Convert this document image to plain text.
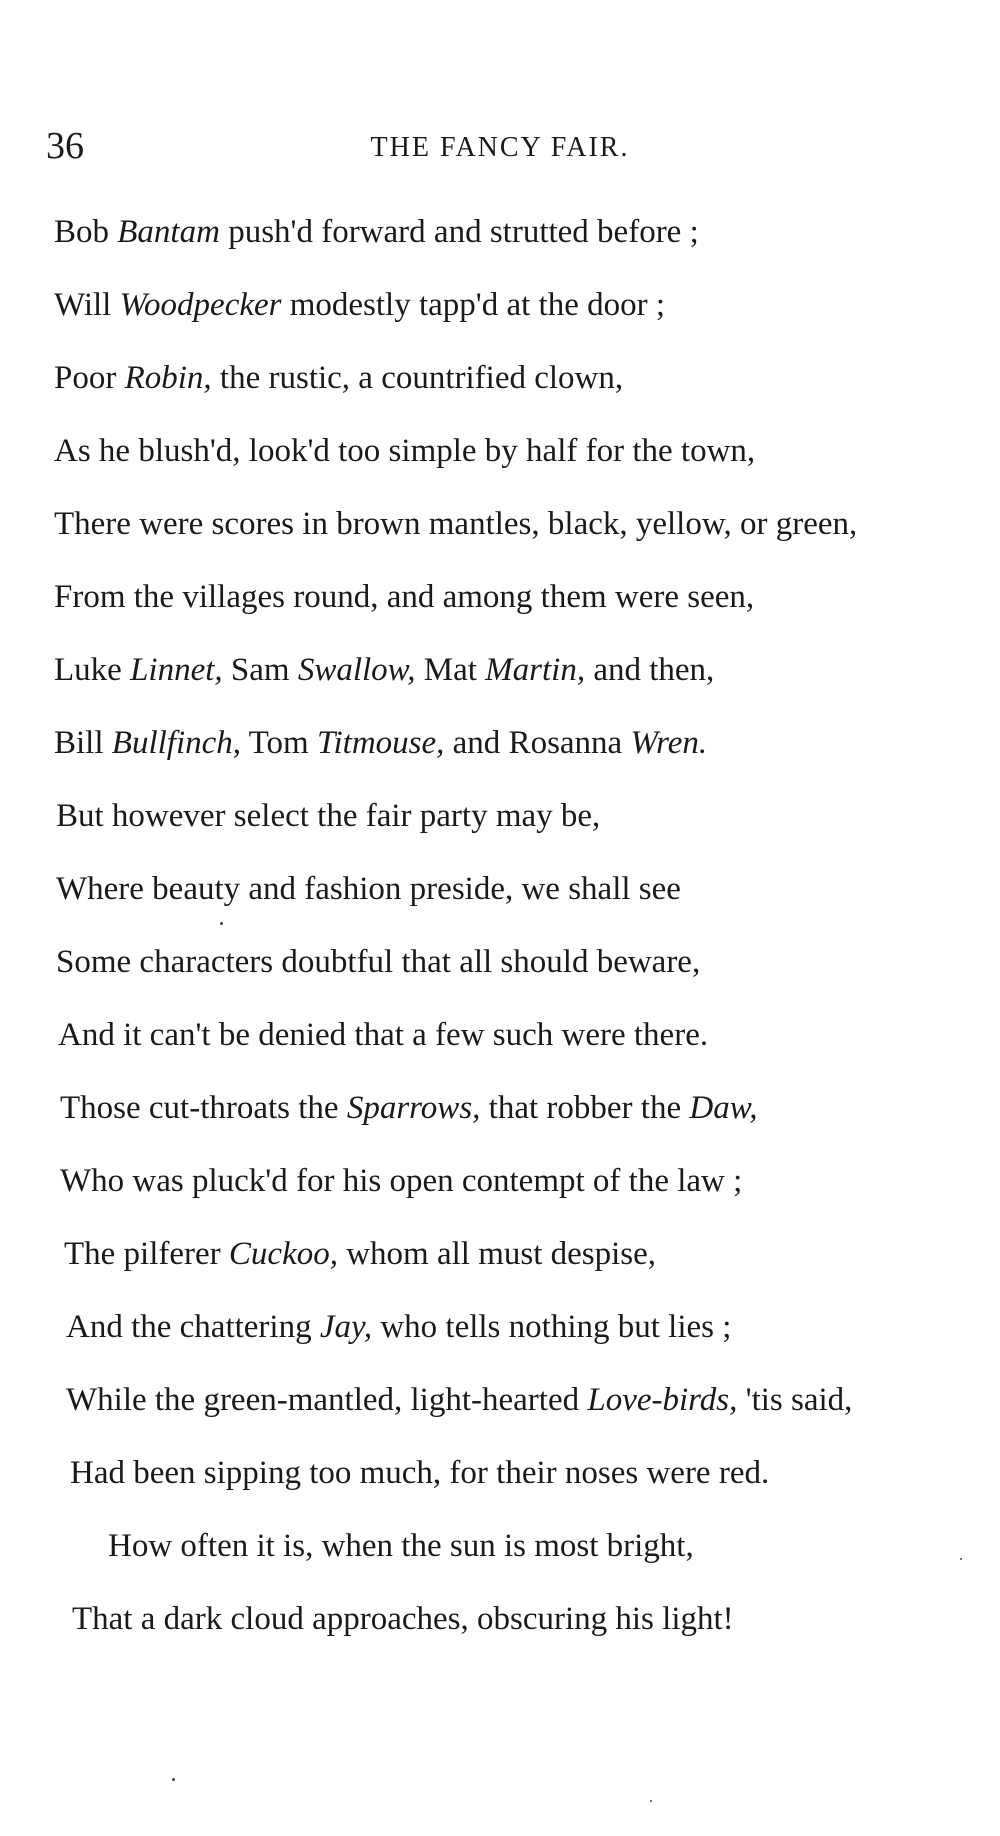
36	THE FANCY FAIR.
Bob Bantam push'd forward and strutted before ;
Will Woodpecker modestly tapp'd at the door ;
Poor Robin, the rustic, a countrified clown,
As he blush'd, look'd too simple by half for the town,
There were scores in brown mantles, black, yellow, or green,
From the villages round, and among them were seen,
Luke Linnet, Sam Swallow, Mat Martin, and then,
Bill Bullfinch, Tom Titmouse, and Rosanna Wren.
But however select the fair party may be,
Where beauty and fashion preside, we shall see
Some characters doubtful that all should beware,
And it can't be denied that a few such were there.
Those cut-throats the Sparrows, that robber the Daw,
Who was pluck'd for his open contempt of the law ;
The pilferer Cuckoo, whom all must despise,
And the chattering Jay, who tells nothing but lies ;
While the green-mantled, light-hearted Love-birds, 'tis said,
Had been sipping too much, for their noses were red.
How often it is, when the sun is most bright,
That a dark cloud approaches, obscuring his light!
